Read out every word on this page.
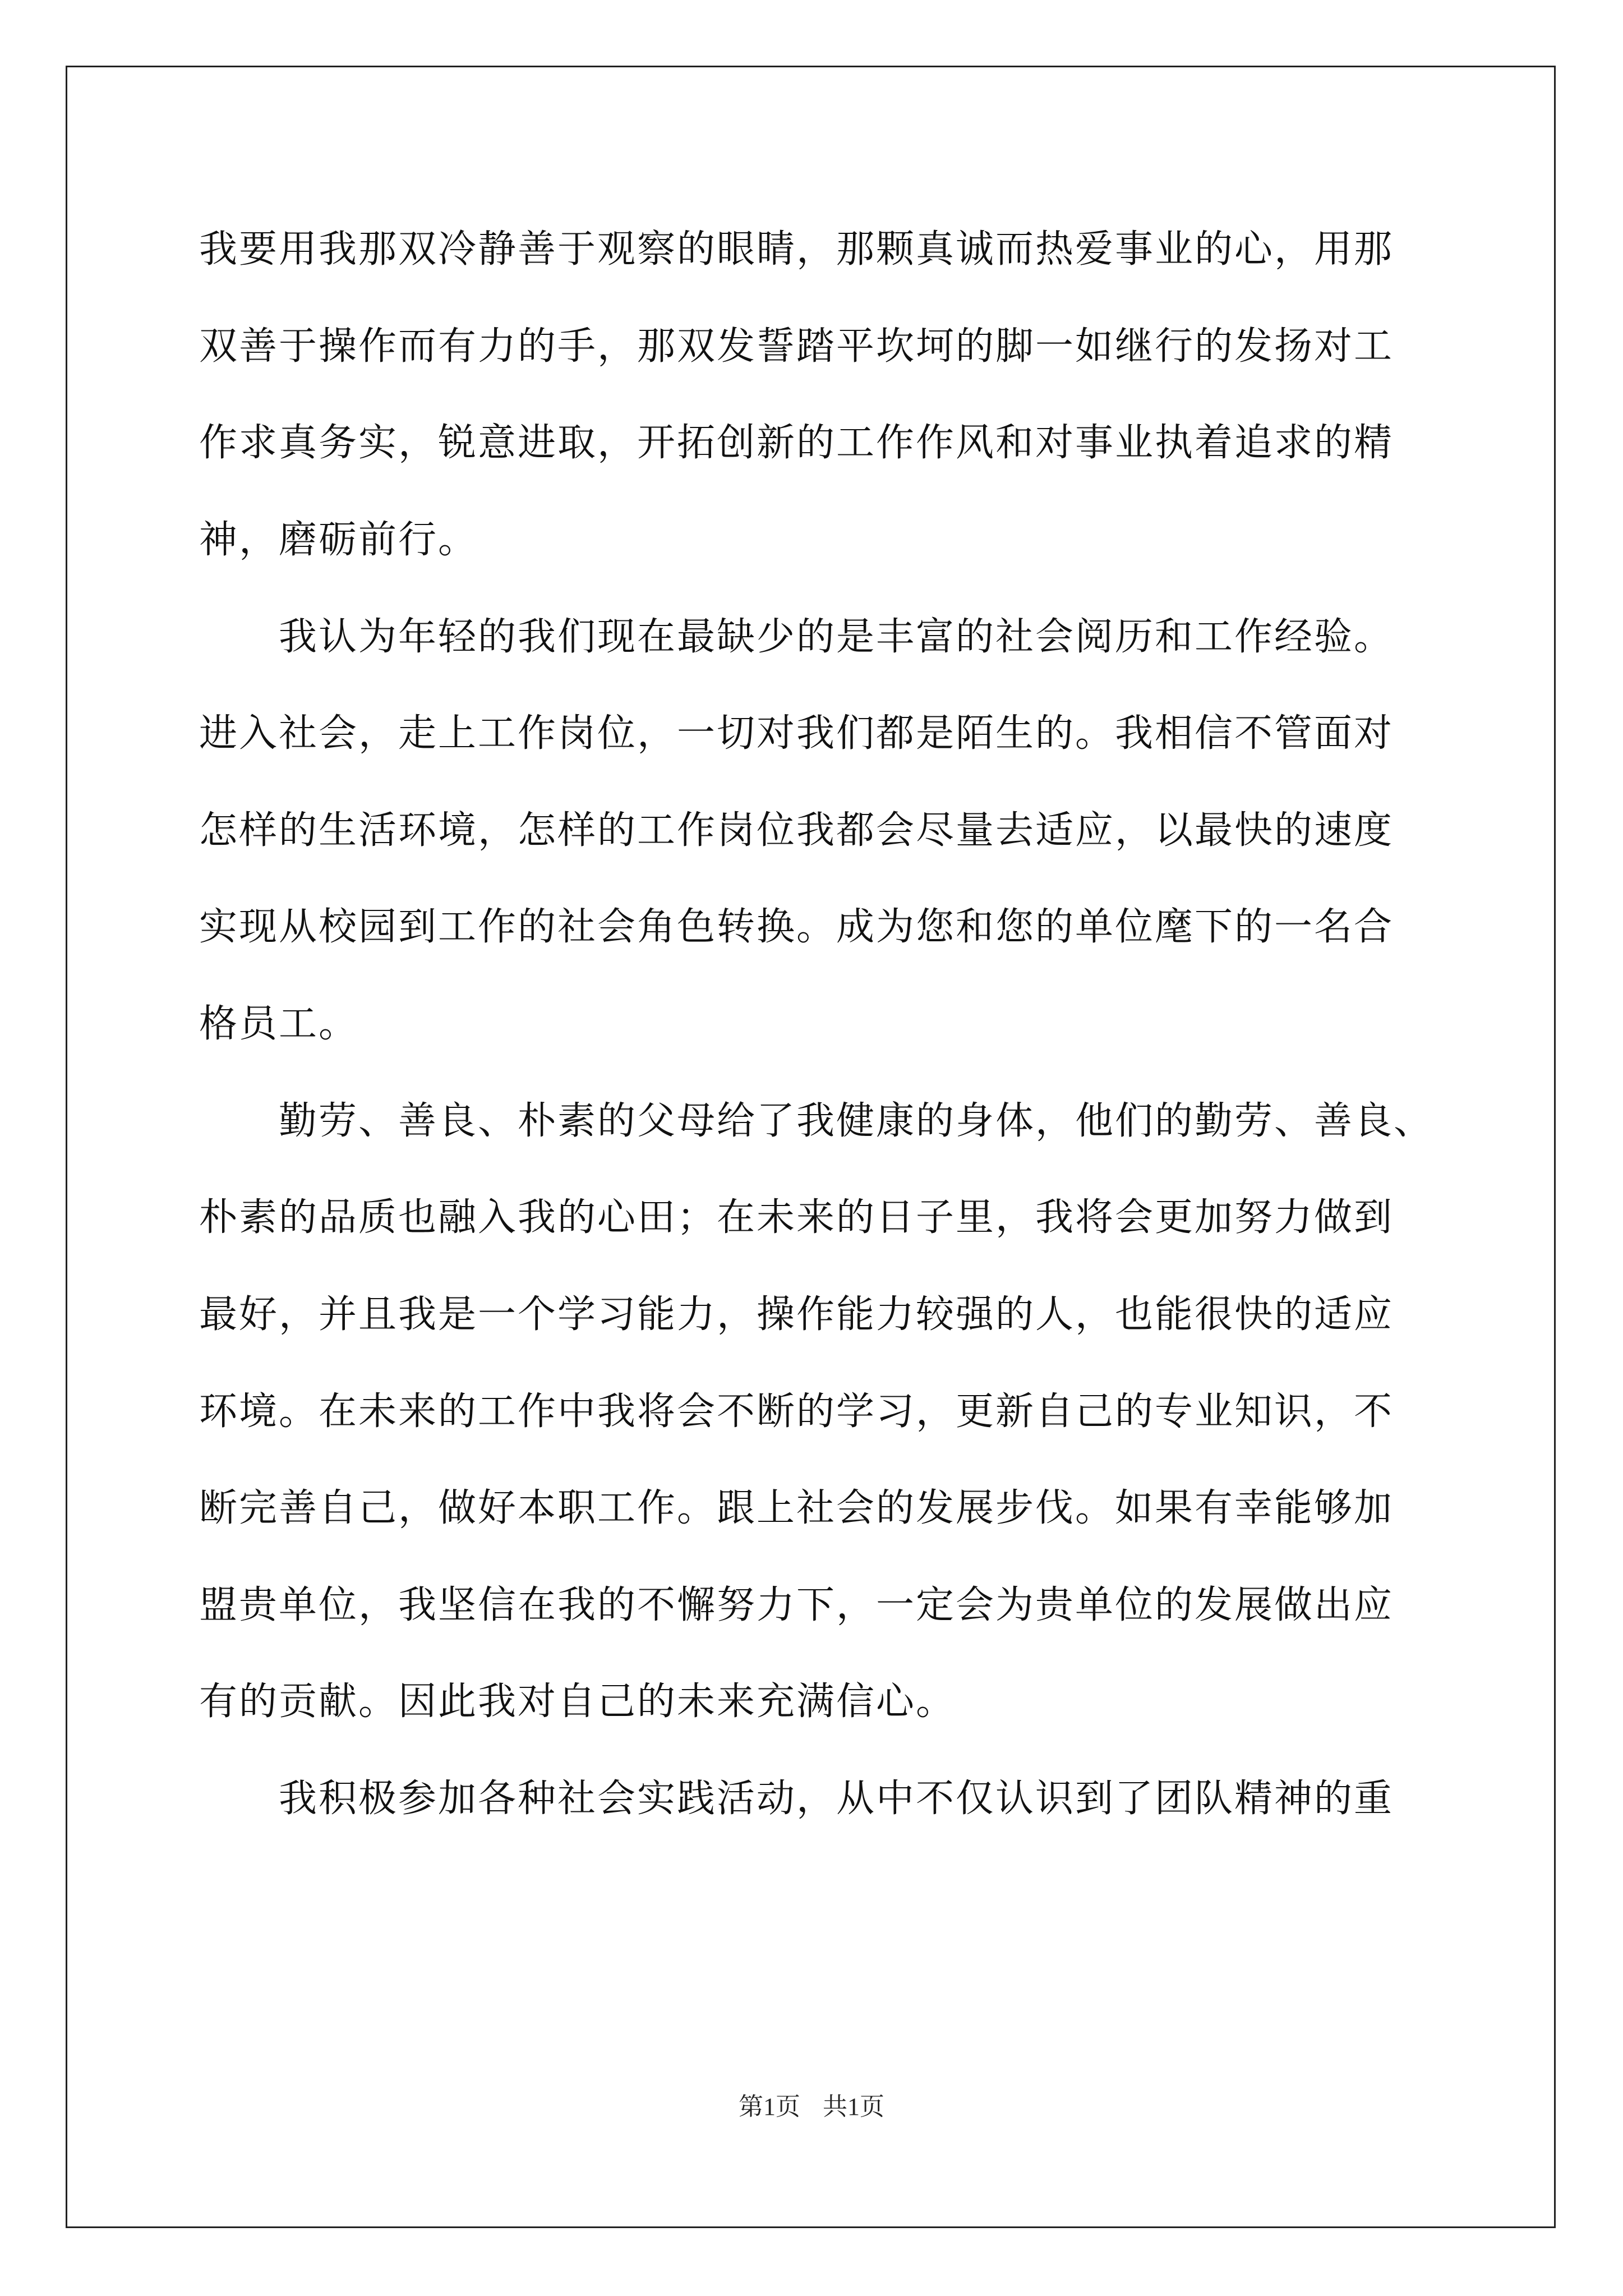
我要用我那双冷静善于观察的眼睛，那颗真诚而热爱事业的心，用那

双善于操作而有力的手，那双发誓踏平坎坷的脚一如继行的发扬对工

作求真务实，锐意进取，开拓创新的工作作风和对事业执着追求的精

神，磨砺前行。

　　我认为年轻的我们现在最缺少的是丰富的社会阅历和工作经验。

进入社会，走上工作岗位，一切对我们都是陌生的。我相信不管面对

怎样的生活环境，怎样的工作岗位我都会尽量去适应，以最快的速度

实现从校园到工作的社会角色转换。成为您和您的单位麾下的一名合

格员工。

　　勤劳、善良、朴素的父母给了我健康的身体，他们的勤劳、善良、

朴素的品质也融入我的心田；在未来的日子里，我将会更加努力做到

最好，并且我是一个学习能力，操作能力较强的人，也能很快的适应

环境。在未来的工作中我将会不断的学习，更新自己的专业知识，不

断完善自己，做好本职工作。跟上社会的发展步伐。如果有幸能够加

盟贵单位，我坚信在我的不懈努力下，一定会为贵单位的发展做出应

有的贡献。因此我对自己的未来充满信心。

　　我积极参加各种社会实践活动，从中不仅认识到了团队精神的重

第1页 共1页
